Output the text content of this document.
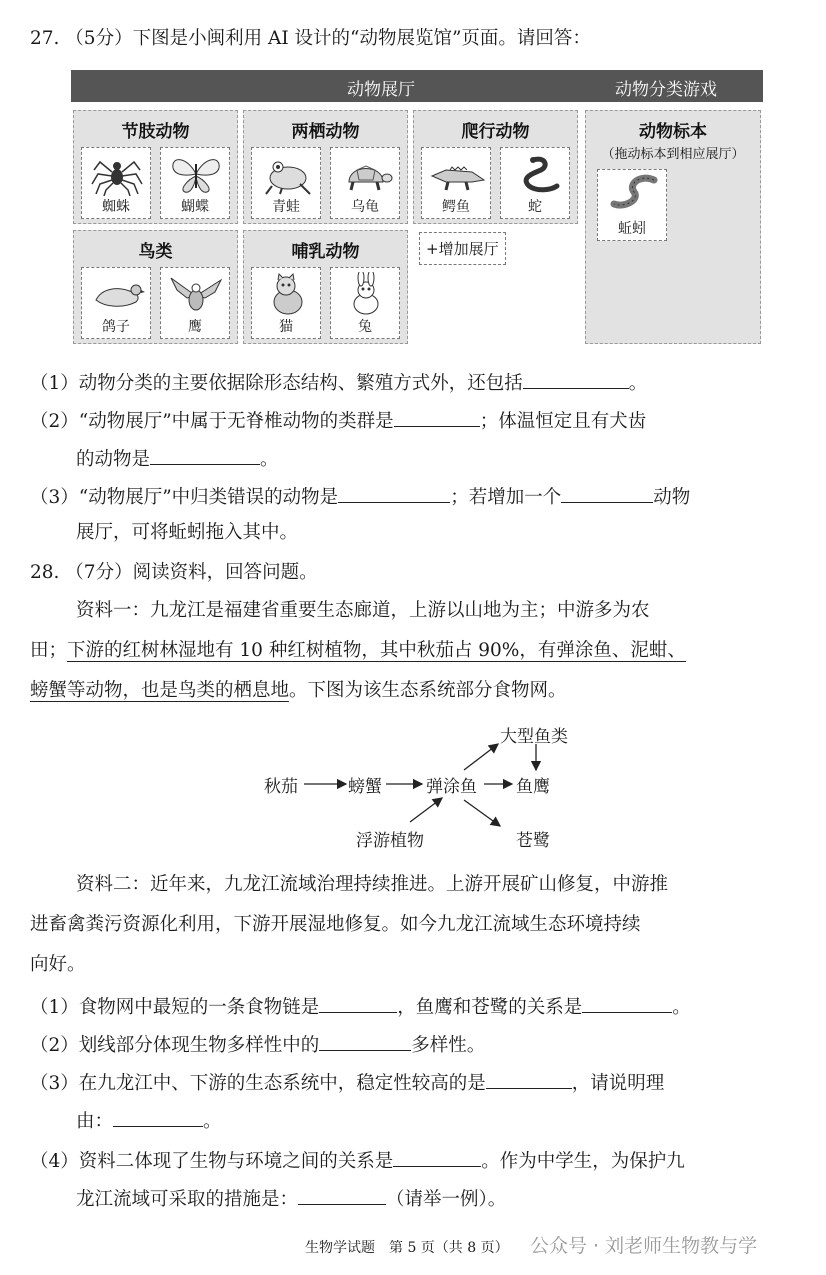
27. （5分）下图是小闽利用 AI 设计的“动物展览馆”页面。请回答：
动物展厅	动物分类游戏
节肢动物
蜘蛛	蝴蝶
两栖动物
青蛙	乌龟
爬行动物
鳄鱼	蛇
鸟类
鸽子	鹰
哺乳动物
猫	兔
+增加展厅
动物标本
（拖动标本到相应展厅）
蚯蚓
（1）动物分类的主要依据除形态结构、繁殖方式外，还包括	。
（2）“动物展厅”中属于无脊椎动物的类群是	；体温恒定且有犬齿
的动物是	。
（3）“动物展厅”中归类错误的动物是	；若增加一个	动物
展厅，可将蚯蚓拖入其中。
28. （7分）阅读资料，回答问题。
资料一：九龙江是福建省重要生态廊道，上游以山地为主；中游多为农
田；下游的红树林湿地有 10 种红树植物，其中秋茄占 90%，有弹涂鱼、泥蚶、
螃蟹等动物，也是鸟类的栖息地。下图为该生态系统部分食物网。
秋茄	螃蟹	弹涂鱼 鱼鹰
大型鱼类
浮游植物	苍鹭
资料二：近年来，九龙江流域治理持续推进。上游开展矿山修复，中游推
进畜禽粪污资源化利用，下游开展湿地修复。如今九龙江流域生态环境持续
向好。
（1）食物网中最短的一条食物链是	，鱼鹰和苍鹭的关系是	。
（2）划线部分体现生物多样性中的	多样性。
（3）在九龙江中、下游的生态系统中，稳定性较高的是	，请说明理
由：	。
（4）资料二体现了生物与环境之间的关系是	。作为中学生，为保护九
龙江流域可采取的措施是：	（请举一例）。
生物学试题　第 5 页（共 8 页） 公众号 · 刘老师生物教与学
